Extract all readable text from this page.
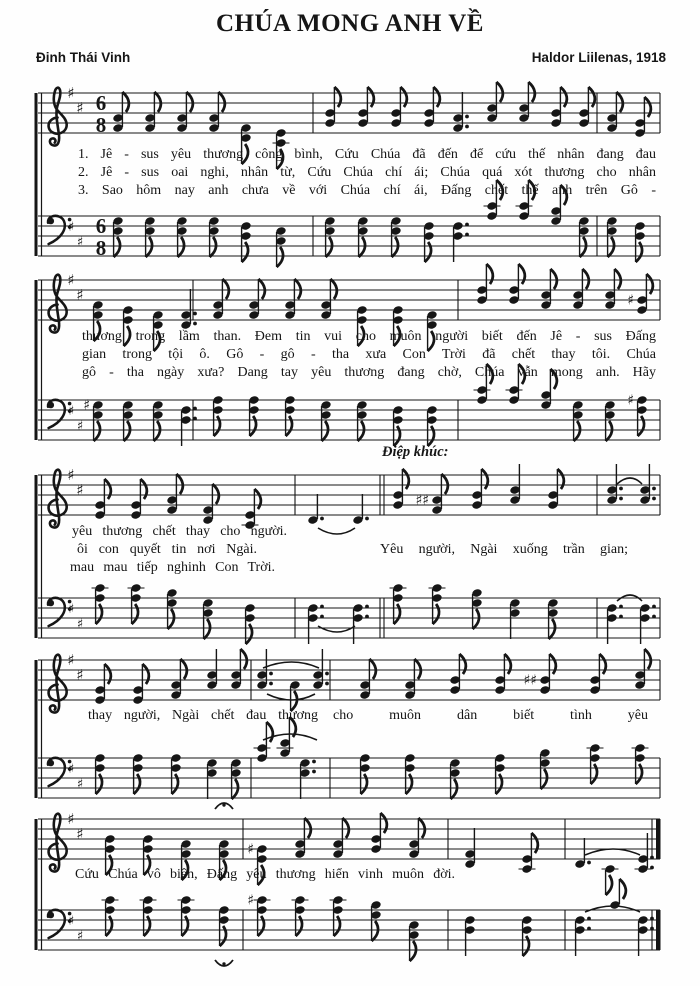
CHÚA MONG ANH VỀ
Đinh Thái Vinh	Haldor Liilenas, 1918
♯
♯
♯
♯
6
8
6
8
♯
♯
♯
♯
♯
♯	♯
♯
♯
♯
♯
♯♯
♯
♯
♯
♯
♯♯
♯
♯
♯
♯
♯
♯
Điệp khúc:
1. Jê - sus yêu thương công bình, Cứu Chúa đã đến để cứu thế nhân đang đau
2. Jê - sus oai nghi, nhân từ, Cứu Chúa chí ái; Chúa quá xót thương cho nhân
3. Sao hôm nay anh chưa về với Chúa chí ái, Đấng chết thế anh trên Gô -
thương trong lầm than. Đem tin vui cho muôn người biết đến Jê - sus Đấng
gian trong tội ô. Gô - gô - tha xưa Con Trời đã chết thay tôi. Chúa
gô - tha ngày xưa? Dang tay yêu thương đang chờ, Chúa vẫn mong anh. Hãy
yêu thương chết thay cho người.
ôi con quyết tin nơi Ngài.	Yêu người, Ngài xuống trần gian;
mau mau tiếp nghinh Con Trời.
thay người, Ngài chết đau thương cho muôn dân biết tình yêu
Cứu Chúa vô biên, Đấng yêu thương hiển vinh muôn đời.
